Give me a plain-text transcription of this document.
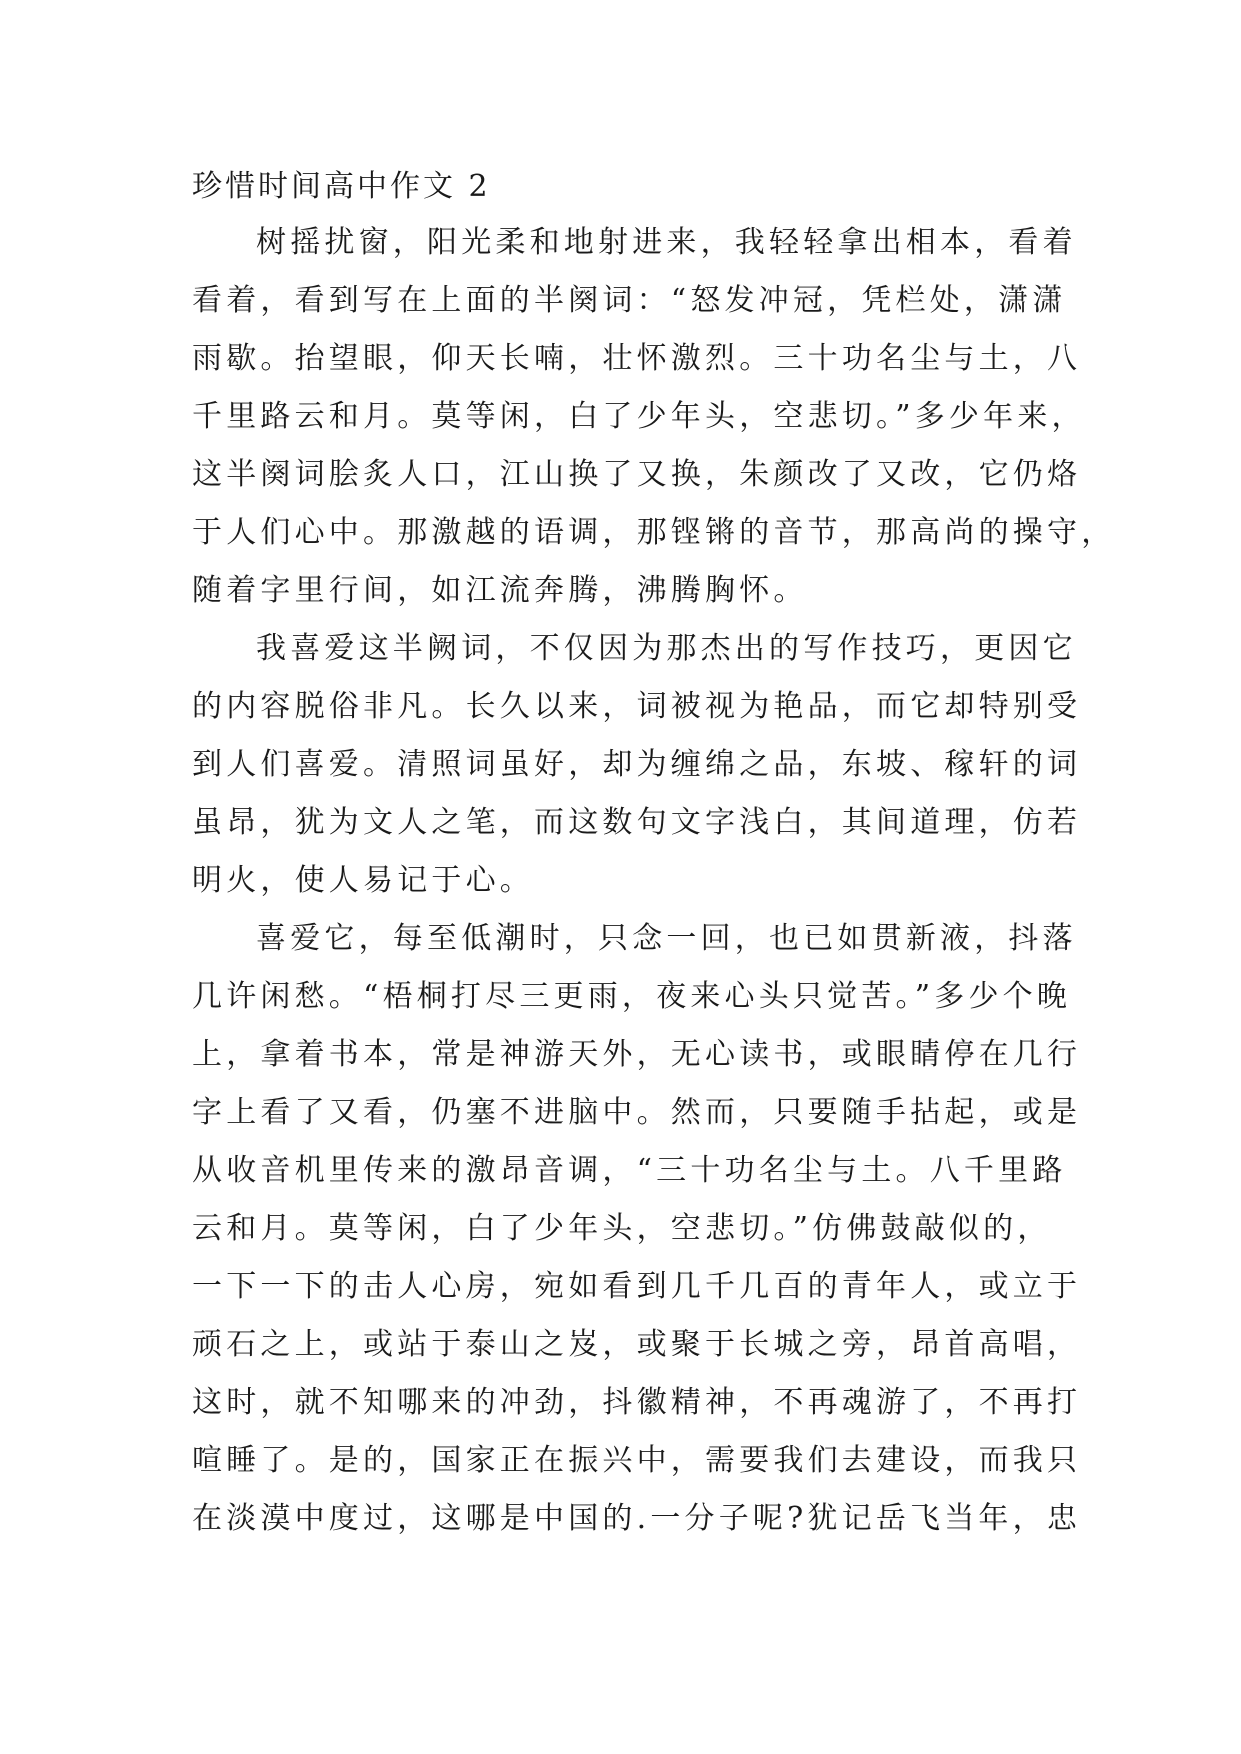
珍惜时间高中作文 2
树摇扰窗，阳光柔和地射进来，我轻轻拿出相本，看着
看着，看到写在上面的半阕词：“怒发冲冠，凭栏处，潇潇
雨歇。抬望眼，仰天长喃，壮怀激烈。三十功名尘与土，八
千里路云和月。莫等闲，白了少年头，空悲切。”多少年来，
这半阕词脍炙人口，江山换了又换，朱颜改了又改，它仍烙
于人们心中。那激越的语调，那铿锵的音节，那高尚的操守，
随着字里行间，如江流奔腾，沸腾胸怀。
我喜爱这半阙词，不仅因为那杰出的写作技巧，更因它
的内容脱俗非凡。长久以来，词被视为艳品，而它却特别受
到人们喜爱。清照词虽好，却为缠绵之品，东坡、稼轩的词
虽昂，犹为文人之笔，而这数句文字浅白，其间道理，仿若
明火，使人易记于心。
喜爱它，每至低潮时，只念一回，也已如贯新液，抖落
几许闲愁。“梧桐打尽三更雨，夜来心头只觉苦。”多少个晚
上，拿着书本，常是神游天外，无心读书，或眼睛停在几行
字上看了又看，仍塞不进脑中。然而，只要随手拈起，或是
从收音机里传来的激昂音调，“三十功名尘与土。八千里路
云和月。莫等闲，白了少年头，空悲切。”仿佛鼓敲似的，
一下一下的击人心房，宛如看到几千几百的青年人，或立于
顽石之上，或站于泰山之岌，或聚于长城之旁，昂首高唱，
这时，就不知哪来的冲劲，抖徽精神，不再魂游了，不再打
喧睡了。是的，国家正在振兴中，需要我们去建设，而我只
在淡漠中度过，这哪是中国的.一分子呢?犹记岳飞当年，忠
